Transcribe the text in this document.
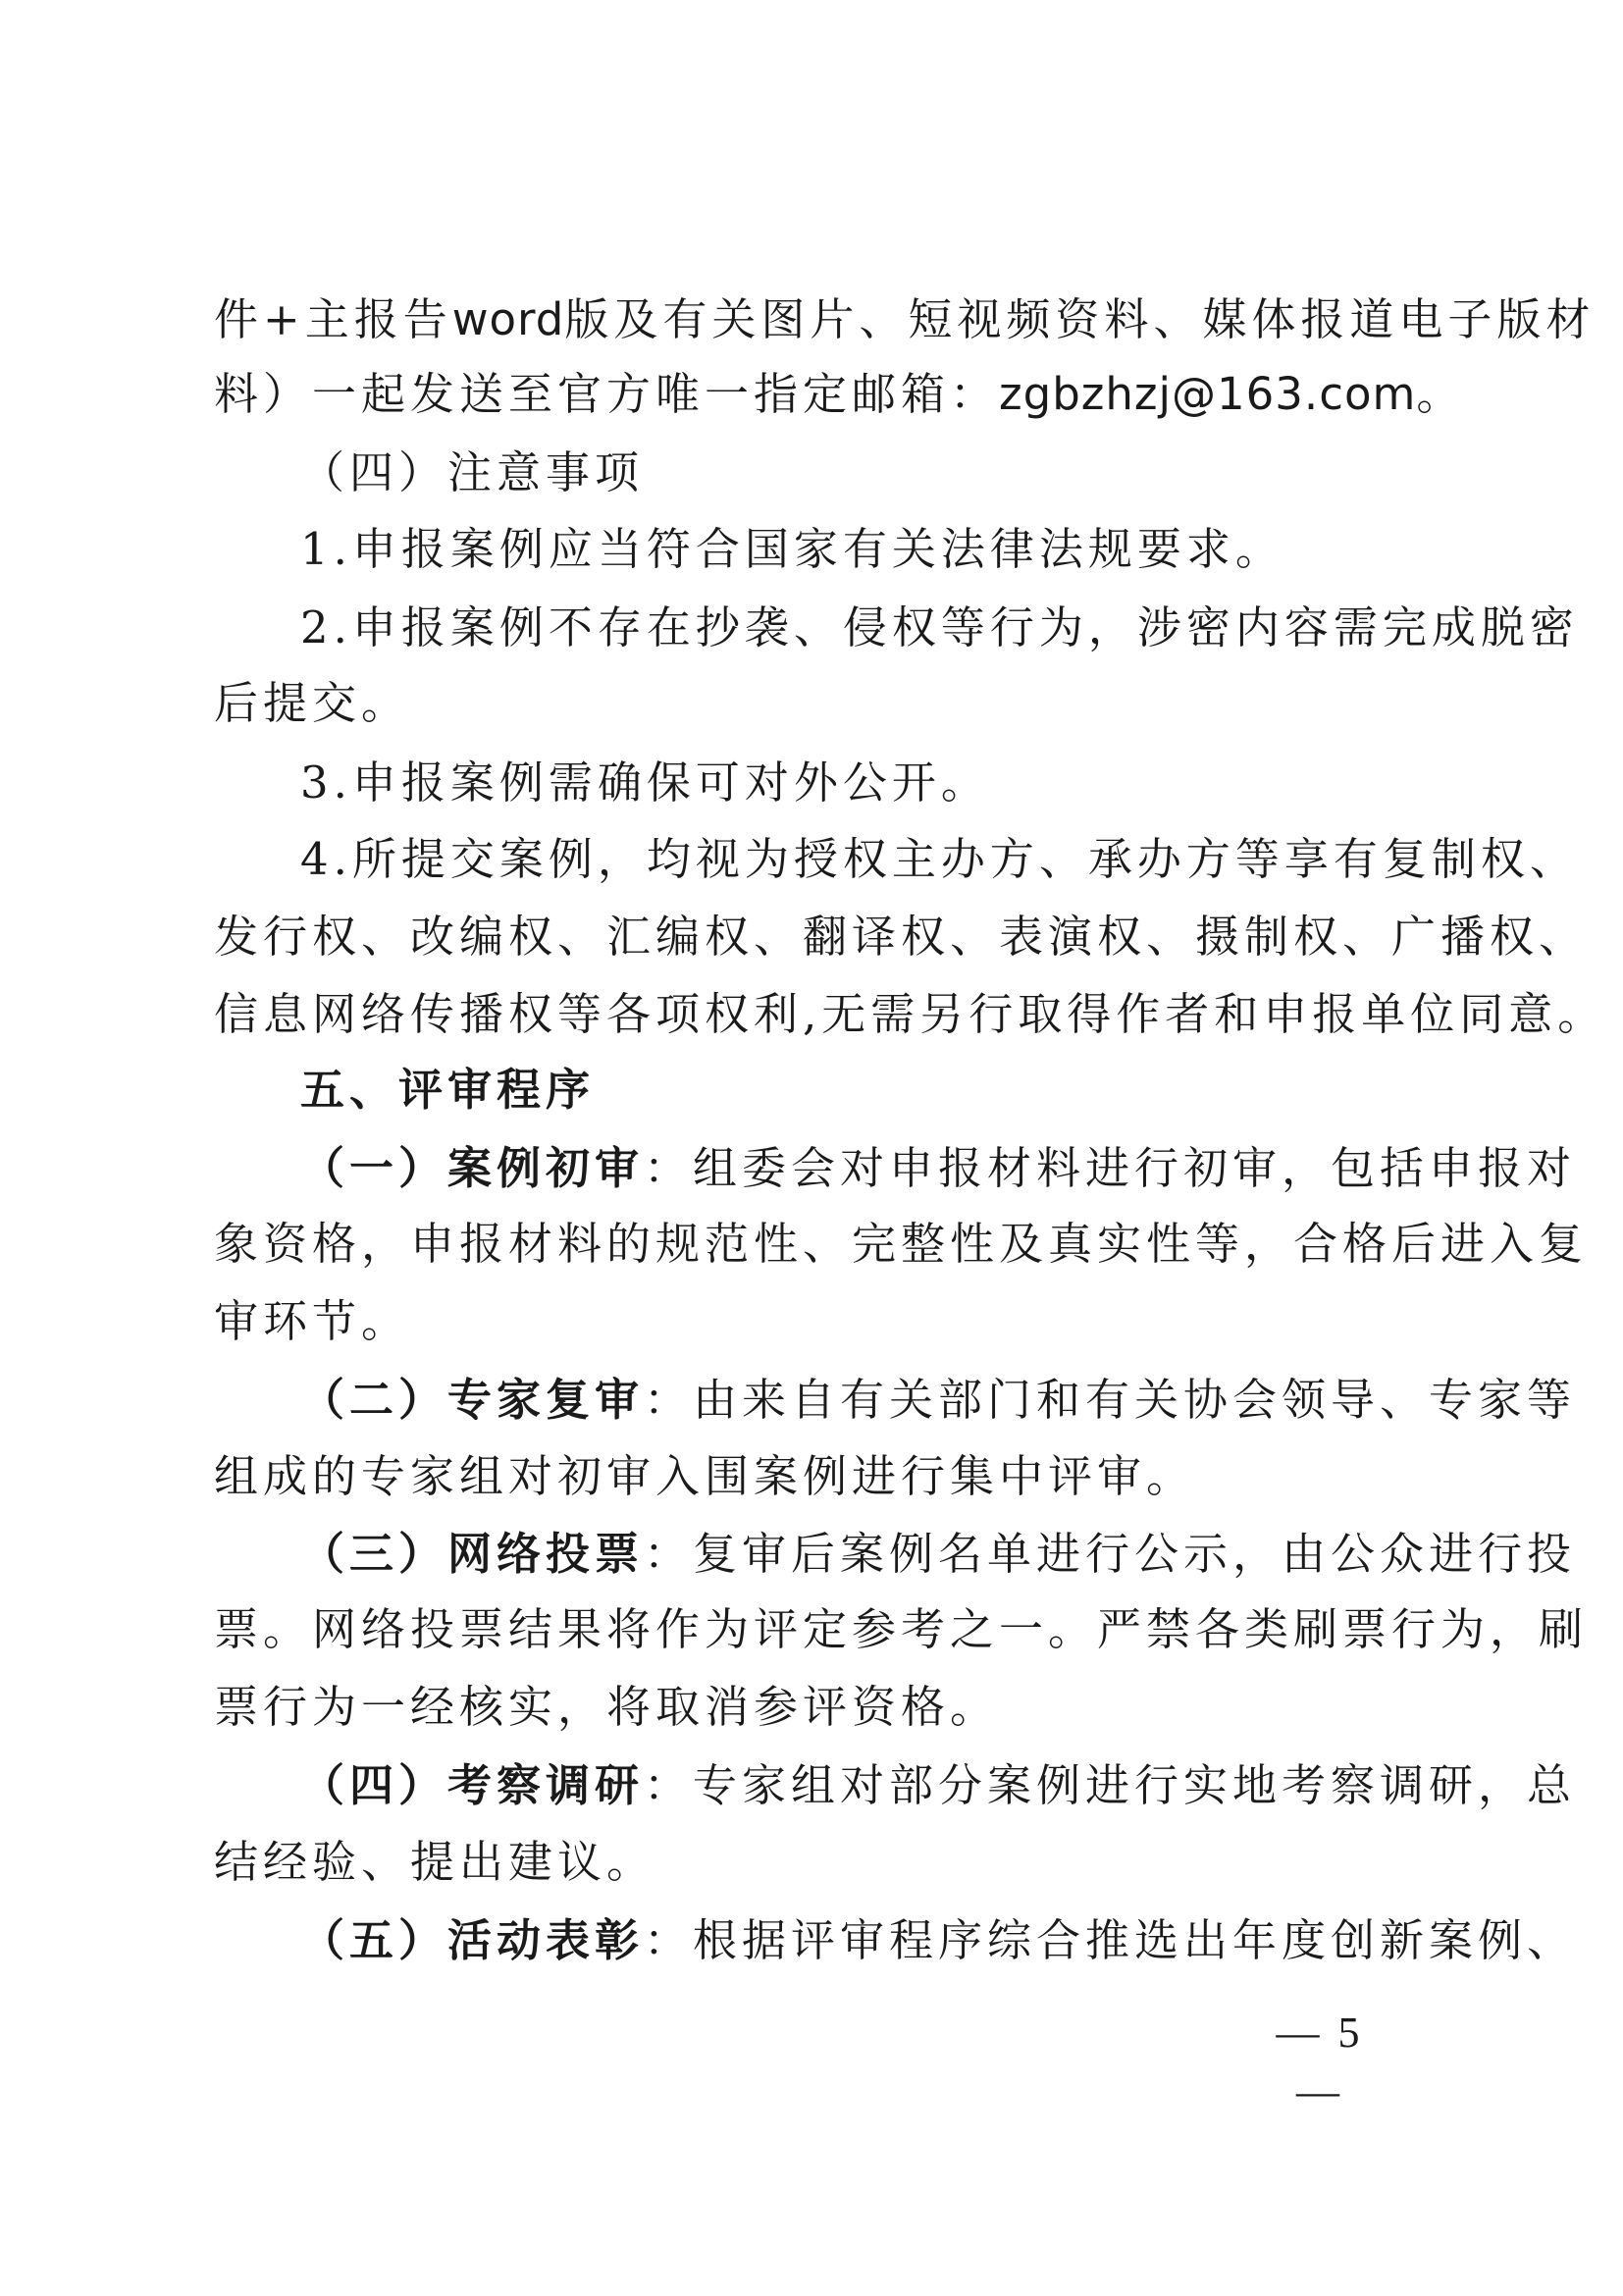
件+主报告word版及有关图片、短视频资料、媒体报道电子版材
料）一起发送至官方唯一指定邮箱：zgbzhzj@163.com。
（四）注意事项
1.申报案例应当符合国家有关法律法规要求。
2.申报案例不存在抄袭、侵权等行为，涉密内容需完成脱密
后提交。
3.申报案例需确保可对外公开。
4.所提交案例，均视为授权主办方、承办方等享有复制权、
发行权、改编权、汇编权、翻译权、表演权、摄制权、广播权、
信息网络传播权等各项权利,无需另行取得作者和申报单位同意。
五、评审程序
（一）案例初审：组委会对申报材料进行初审，包括申报对
象资格，申报材料的规范性、完整性及真实性等，合格后进入复
审环节。
（二）专家复审：由来自有关部门和有关协会领导、专家等
组成的专家组对初审入围案例进行集中评审。
（三）网络投票：复审后案例名单进行公示，由公众进行投
票。网络投票结果将作为评定参考之一。严禁各类刷票行为，刷
票行为一经核实，将取消参评资格。
（四）考察调研：专家组对部分案例进行实地考察调研，总
结经验、提出建议。
（五）活动表彰：根据评审程序综合推选出年度创新案例、
— 5 —
